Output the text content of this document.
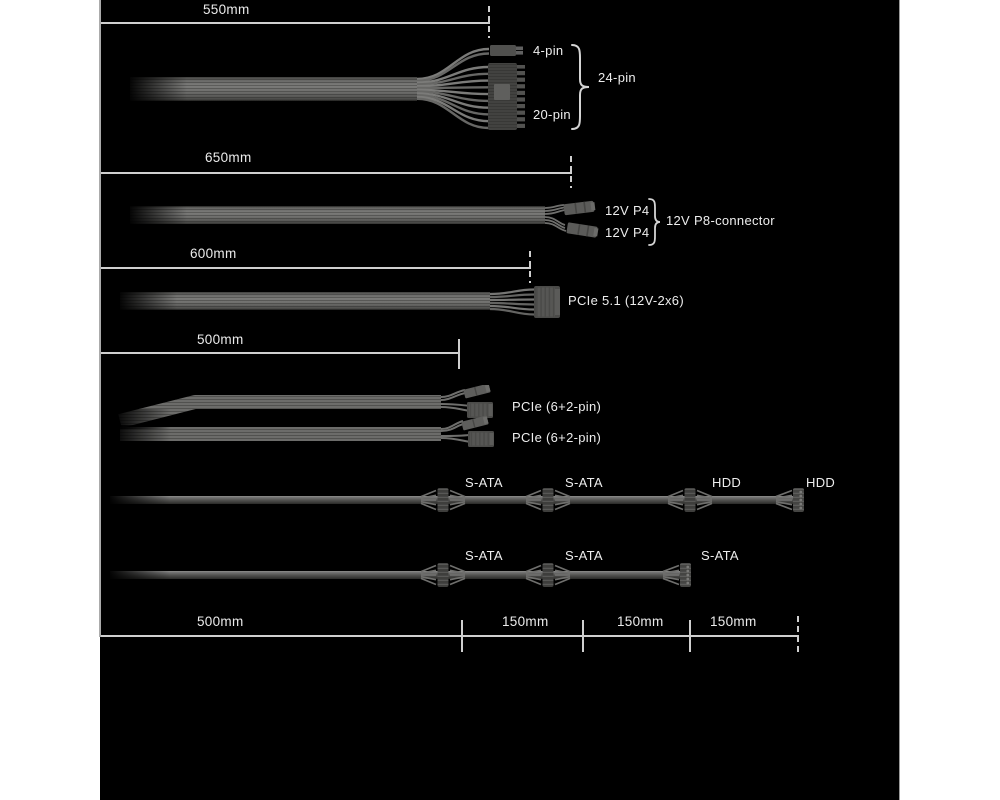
550mm
4-pin
20-pin
24-pin
650mm
12V P4
12V P4
12V P8-connector
600mm
PCIe 5.1 (12V-2x6)
500mm
PCIe (6+2-pin)
PCIe (6+2-pin)
S-ATA	S-ATA	HDD	HDD
S-ATA	S-ATA	S-ATA
500mm	150mm	150mm	150mm
